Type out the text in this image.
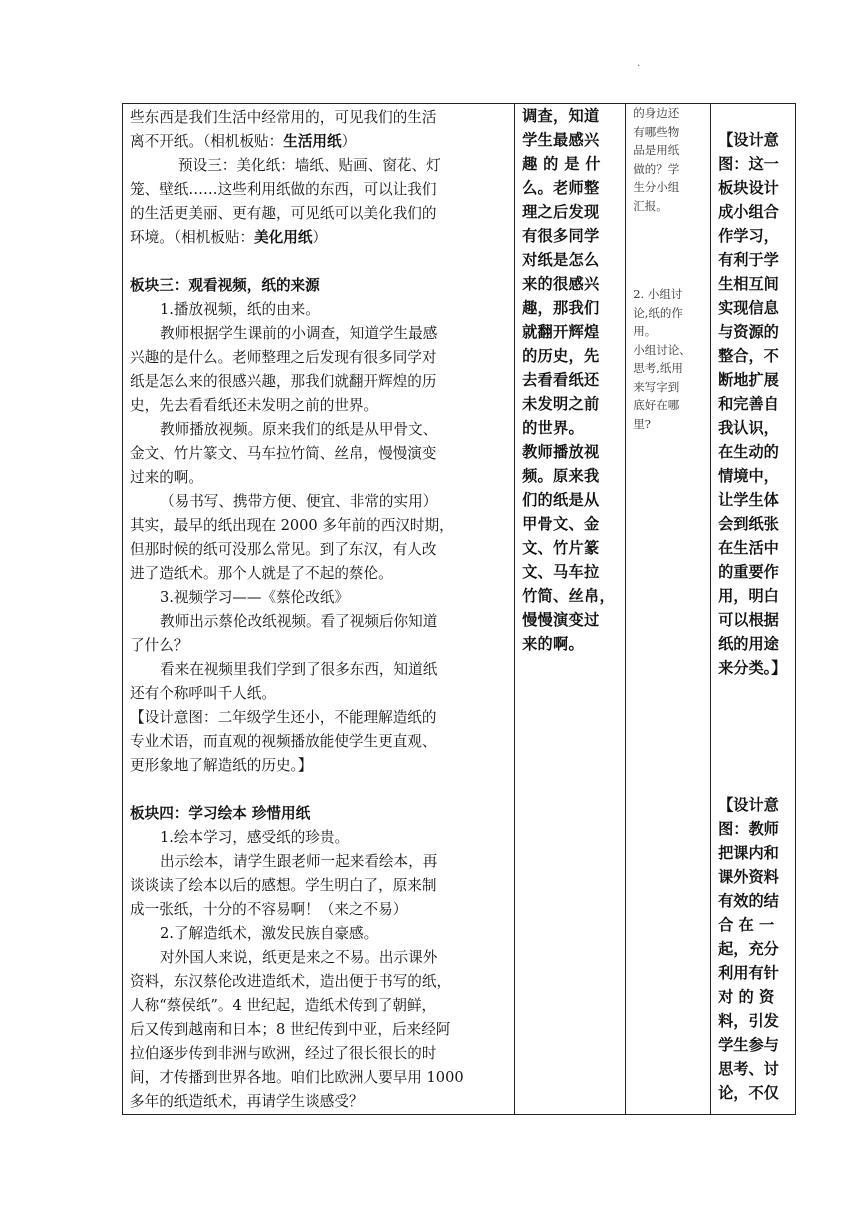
.
些东西是我们生活中经常用的，可见我们的生活
离不开纸。（相机板贴：生活用纸）
预设三：美化纸：墙纸、贴画、窗花、灯
笼、壁纸……这些利用纸做的东西，可以让我们
的生活更美丽、更有趣，可见纸可以美化我们的
环境。（相机板贴：美化用纸）
板块三：观看视频，纸的来源
1.播放视频，纸的由来。
教师根据学生课前的小调查，知道学生最感
兴趣的是什么。老师整理之后发现有很多同学对
纸是怎么来的很感兴趣，那我们就翻开辉煌的历
史，先去看看纸还未发明之前的世界。
教师播放视频。原来我们的纸是从甲骨文、
金文、竹片篆文、马车拉竹简、丝帛，慢慢演变
过来的啊。
（易书写、携带方便、便宜、非常的实用）
其实，最早的纸出现在 2000 多年前的西汉时期，
但那时候的纸可没那么常见。到了东汉，有人改
进了造纸术。那个人就是了不起的蔡伦。
3.视频学习——《蔡伦改纸》
教师出示蔡伦改纸视频。看了视频后你知道
了什么？
看来在视频里我们学到了很多东西，知道纸
还有个称呼叫千人纸。
【设计意图：二年级学生还小，不能理解造纸的
专业术语，而直观的视频播放能使学生更直观、
更形象地了解造纸的历史。】
板块四：学习绘本 珍惜用纸
1.绘本学习，感受纸的珍贵。
出示绘本，请学生跟老师一起来看绘本，再
谈谈读了绘本以后的感想。学生明白了，原来制
成一张纸，十分的不容易啊！（来之不易）
2.了解造纸术，激发民族自豪感。
对外国人来说，纸更是来之不易。出示课外
资料，东汉蔡伦改进造纸术，造出便于书写的纸，
人称“蔡侯纸”。4 世纪起，造纸术传到了朝鲜，
后又传到越南和日本；8 世纪传到中亚，后来经阿
拉伯逐步传到非洲与欧洲，经过了很长很长的时
间，才传播到世界各地。咱们比欧洲人要早用 1000
多年的纸造纸术，再请学生谈感受？

调查，知道
学生最感兴
趣 的 是 什
么。老师整
理之后发现
有很多同学
对纸是怎么
来的很感兴
趣，那我们
就翻开辉煌
的历史，先
去看看纸还
未发明之前
的世界。
教师播放视
频。原来我
们的纸是从
甲骨文、金
文、竹片篆
文、马车拉
竹简、丝帛，
慢慢演变过
来的啊。

的身边还
有哪些物
品是用纸
做的？学
生分小组
汇报。
2. 小组讨
论,纸的作
用。
小组讨论、
思考,纸用
来写字到
底好在哪
里?

【设计意
图：这一
板块设计
成小组合
作学习，
有利于学
生相互间
实现信息
与资源的
整合，不
断地扩展
和完善自
我认识，
在生动的
情境中，
让学生体
会到纸张
在生活中
的重要作
用，明白
可以根据
纸的用途
来分类。】
【设计意
图：教师
把课内和
课外资料
有效的结
合 在 一
起，充分
利用有针
对 的 资
料，引发
学生参与
思考、讨
论，不仅
